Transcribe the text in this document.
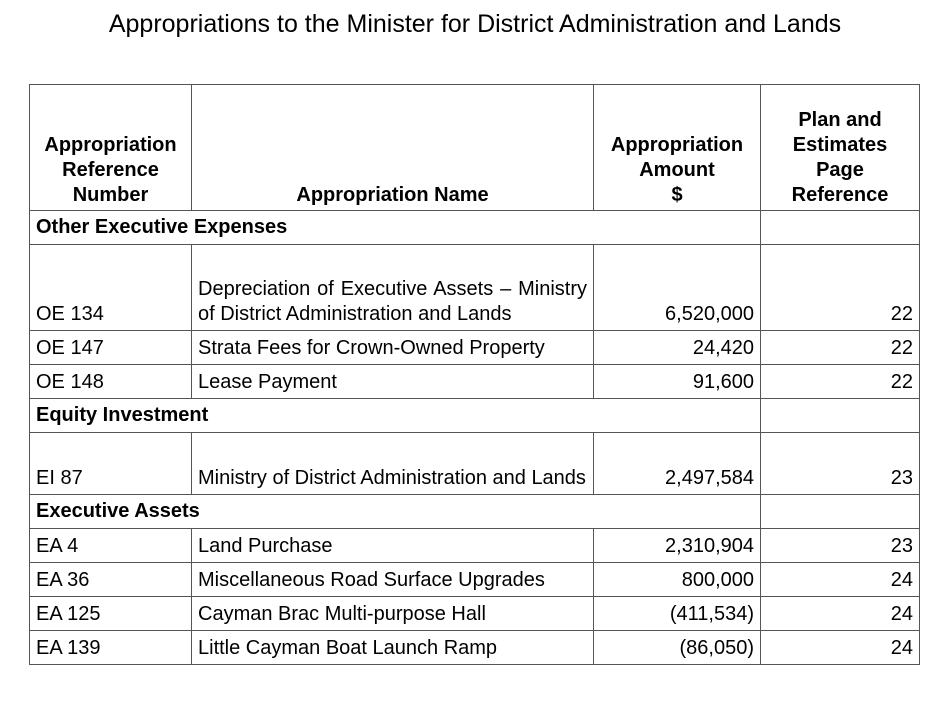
Appropriations to the Minister for District Administration and Lands
Appropriation
Reference
Number	Appropriation Name	Appropriation
Amount
$	Plan and
Estimates
Page
Reference

Other Executive Expenses			
OE 134	Depreciation of Executive Assets – Ministry of District Administration and Lands	6,520,000	22
OE 147	Strata Fees for Crown-Owned Property	24,420	22
OE 148	Lease Payment	91,600	22
Equity Investment			
EI 87	Ministry of District Administration and Lands	2,497,584	23
Executive Assets			
EA 4	Land Purchase	2,310,904	23
EA 36	Miscellaneous Road Surface Upgrades	800,000	24
EA 125	Cayman Brac Multi-purpose Hall	(411,534)	24
EA 139	Little Cayman Boat Launch Ramp	(86,050)	24
